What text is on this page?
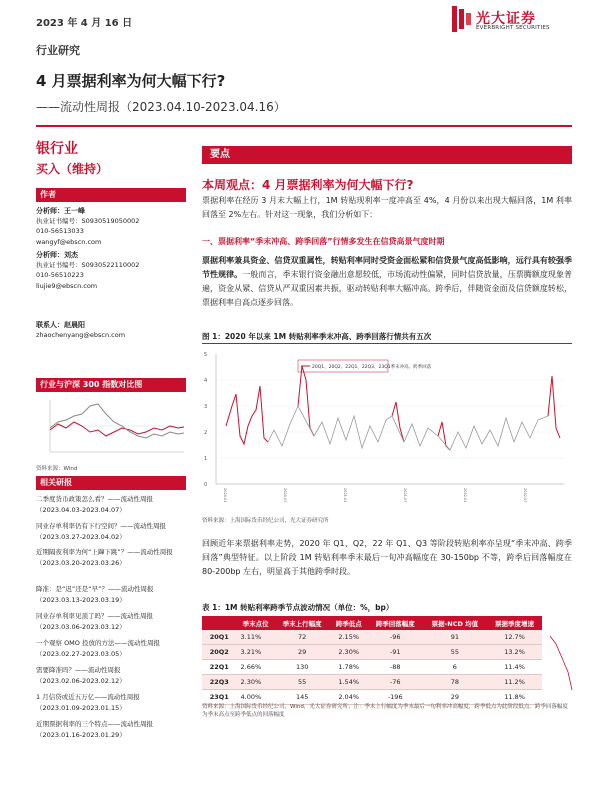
2023 年 4 月 16 日	光大证券
EVERBRIGHT SECURITIES
行业研究
4 月票据利率为何大幅下行?
——流动性周报（2023.04.10-2023.04.16）
银行业
买入（维持）
作者
分析师：王一峰
执业证书编号：S0930519050002
010-56513033
wangyf@ebscn.com
分析师：刘杰
执业证书编号：S0930522110002
010-56510223
liujie9@ebscn.com
联系人：赵晨阳
zhaochenyang@ebscn.com
行业与沪深 300 指数对比图
资料来源：Wind
相关研报
二季度货币政策怎么看？——流动性周报
（2023.04.03-2023.04.07）
同业存单利率仍有下行空间？——流动性周报
（2023.03.27-2023.04.02）
近期隔夜利率为何“上蹿下跳”？——流动性周报
（2023.03.20-2023.03.26）
降准：是“迟”还是“早”？——流动性周报
（2023.03.13-2023.03.19）
同业存单利率见顶了吗？——流动性周报
（2023.03.06-2023.03.12）
一个观察 OMO 投放的方法——流动性周报
（2023.02.27-2023.03.05）
需要降准吗？——流动性周报
（2023.02.06-2023.02.12）
1 月信贷或近五万亿——流动性周报
（2023.01.09-2023.01.15）
近期票据利率的三个特点——流动性周报
（2023.01.16-2023.01.29）
要点
本周观点：4 月票据利率为何大幅下行?
票据利率在经历 3 月末大幅上行，1M 转贴现利率一度冲高至 4%，4 月份以来出现大幅回落，1M 利率回落至 2%左右。针对这一现象，我们分析如下：
一、票据利率“季末冲高、跨季回落”行情多发生在信贷高景气度时期
票据利率兼具资金、信贷双重属性，转贴利率同时受资金面松紧和信贷景气度高低影响，远行具有较强季节性规律。一般而言，季末银行资金融出意愿较低，市场流动性偏紧，同时信贷放量，压票腾额度现象普遍，资金从紧、信贷从严双重因素共振，驱动转贴利率大幅冲高。跨季后，伴随资金面及信贷额度转松，票据利率自高点逐步回落。
图 1：2020 年以来 1M 转贴利率季末冲高、跨季回落行情共有五次
5
4
3
2
1
0
20Q1、20Q2、22Q1、22Q3、23Q1季末冲高、跨季回落
2020-01	2020-07	2021-01	2021-07	2022-01	2022-07
资料来源：上海国际货币经纪公司，光大证券研究所
回顾近年来票据利率走势，2020 年 Q1、Q2，22 年 Q1、Q3 等阶段转贴利率亦呈现“季末冲高、跨季回落”典型特征。以上阶段 1M 转贴利率季末最后一旬冲高幅度在 30-150bp 不等，跨季后回落幅度在 80-200bp 左右，明显高于其他跨季时段。
表 1：1M 转贴利率跨季节点波动情况（单位：%，bp）
	季末点位	季末上行幅度	跨季低点	跨季回落幅度	票据-NCD 均值	票据季度增速
20Q1	3.11%	72	2.15%	-96	91	12.7%
20Q2	3.21%	29	2.30%	-91	55	13.2%
22Q1	2.66%	130	1.78%	-88	6	11.4%
22Q3	2.30%	55	1.54%	-76	78	11.2%
23Q1	4.00%	145	2.04%	-196	29	11.8%
资料来源：上海国际货币经纪公司，Wind，光大证券研究所；注：季末上行幅度为季末最后一旬利率冲高幅度，跨季低点为此阶段低点。跨季回落幅度为季末高点至跨季低点的回落幅度
